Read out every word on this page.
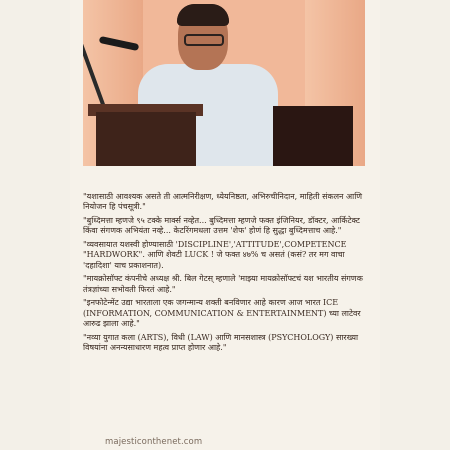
"यशासाठी आवश्यक असते ती आत्मनिरीक्षण, ध्येयनिष्ठता, अभिरुचीनिदान, माहिती संकलन आणि नियोजन हि पंचसूत्री."

"बुध्दिमत्ता म्हणजे ९५ टक्के मार्क्स नव्हेत... बुध्दिमत्ता म्हणजे फक्त इंजिनियर, डॉक्टर, आर्किटेक्ट किंवा संगणक अभियंता नव्हे... केटरिंगमधला उत्तम 'शेफ' होणं हि सुद्धा बुध्दिमत्ताच आहे."

"व्यवसायात यशस्वी होण्यासाठी 'DISCIPLINE','ATTITUDE',COMPETENCE "HARDWORK". आणि शेवटी LUCK ! जे फक्त ४७% च असतं (कसं? तर मग वाचा 'दहादिशा' याच प्रकाशनात).

"मायक्रोसॉफ्ट कंपनीचे अध्यक्ष श्री. बिल गेटस् म्हणाले 'माझ्या मायक्रोसॉफ्टचं यश भारतीय संगणक तंत्रज्ञांच्या सभोवती फिरतं आहे."

"इनफोटेन्मेंट उद्या भारताला एक जगन्मान्य शक्ती बनविणार आहे कारण आज भारत ICE (INFORMATION, COMMUNICATION & ENTERTAINMENT) च्या लाटेवर आरुढ झाला आहे."

"नव्या युगात कला (ARTS), विधी (LAW) आणि मानसशास्त्र (PSYCHOLOGY) सारख्या विषयांना अनन्यसाधारण महत्व प्राप्त होणार आहे."

majesticonthenet.com
